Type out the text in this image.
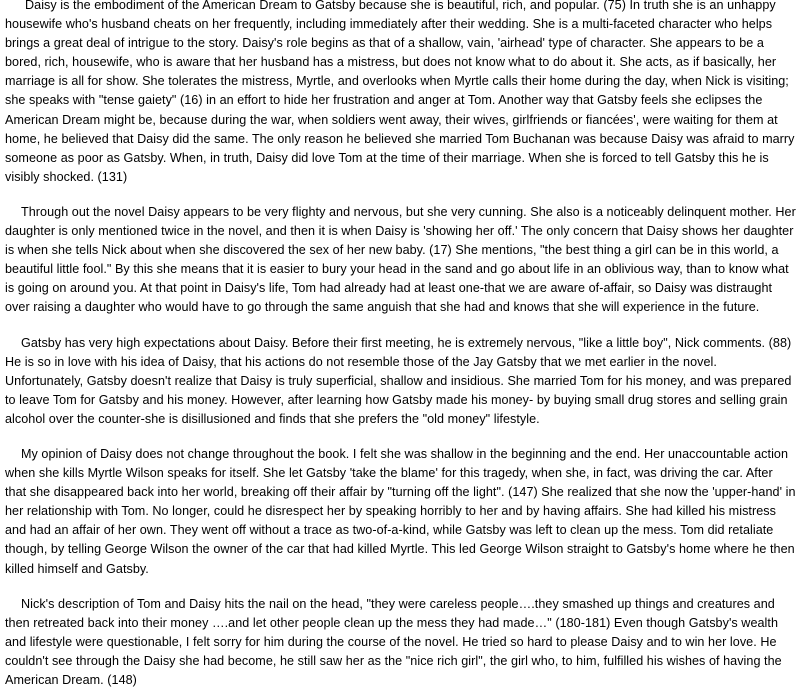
Daisy is the embodiment of the American Dream to Gatsby because she is beautiful, rich, and popular. (75) In truth she is an unhappy housewife who's husband cheats on her frequently, including immediately after their wedding. She is a multi-faceted character who helps brings a great deal of intrigue to the story. Daisy's role begins as that of a shallow, vain, 'airhead' type of character. She appears to be a bored, rich, housewife, who is aware that her husband has a mistress, but does not know what to do about it. She acts, as if basically, her marriage is all for show. She tolerates the mistress, Myrtle, and overlooks when Myrtle calls their home during the day, when Nick is visiting; she speaks with "tense gaiety" (16) in an effort to hide her frustration and anger at Tom. Another way that Gatsby feels she eclipses the American Dream might be, because during the war, when soldiers went away, their wives, girlfriends or fiancées', were waiting for them at home, he believed that Daisy did the same. The only reason he believed she married Tom Buchanan was because Daisy was afraid to marry someone as poor as Gatsby. When, in truth, Daisy did love Tom at the time of their marriage. When she is forced to tell Gatsby this he is visibly shocked. (131)

Through out the novel Daisy appears to be very flighty and nervous, but she very cunning. She also is a noticeably delinquent mother. Her daughter is only mentioned twice in the novel, and then it is when Daisy is 'showing her off.' The only concern that Daisy shows her daughter is when she tells Nick about when she discovered the sex of her new baby. (17) She mentions, "the best thing a girl can be in this world, a beautiful little fool." By this she means that it is easier to bury your head in the sand and go about life in an oblivious way, than to know what is going on around you. At that point in Daisy's life, Tom had already had at least one-that we are aware of-affair, so Daisy was distraught over raising a daughter who would have to go through the same anguish that she had and knows that she will experience in the future.

Gatsby has very high expectations about Daisy. Before their first meeting, he is extremely nervous, "like a little boy", Nick comments. (88) He is so in love with his idea of Daisy, that his actions do not resemble those of the Jay Gatsby that we met earlier in the novel. Unfortunately, Gatsby doesn't realize that Daisy is truly superficial, shallow and insidious. She married Tom for his money, and was prepared to leave Tom for Gatsby and his money. However, after learning how Gatsby made his money- by buying small drug stores and selling grain alcohol over the counter-she is disillusioned and finds that she prefers the "old money" lifestyle.

My opinion of Daisy does not change throughout the book. I felt she was shallow in the beginning and the end. Her unaccountable action when she kills Myrtle Wilson speaks for itself. She let Gatsby 'take the blame' for this tragedy, when she, in fact, was driving the car. After that she disappeared back into her world, breaking off their affair by "turning off the light". (147) She realized that she now the 'upper-hand' in her relationship with Tom. No longer, could he disrespect her by speaking horribly to her and by having affairs. She had killed his mistress and had an affair of her own. They went off without a trace as two-of-a-kind, while Gatsby was left to clean up the mess. Tom did retaliate though, by telling George Wilson the owner of the car that had killed Myrtle. This led George Wilson straight to Gatsby's home where he then killed himself and Gatsby.

Nick's description of Tom and Daisy hits the nail on the head, "they were careless people….they smashed up things and creatures and then retreated back into their money ….and let other people clean up the mess they had made…" (180-181) Even though Gatsby's wealth and lifestyle were questionable, I felt sorry for him during the course of the novel. He tried so hard to please Daisy and to win her love. He couldn't see through the Daisy she had become, he still saw her as the "nice rich girl", the girl who, to him, fulfilled his wishes of having the American Dream. (148)
